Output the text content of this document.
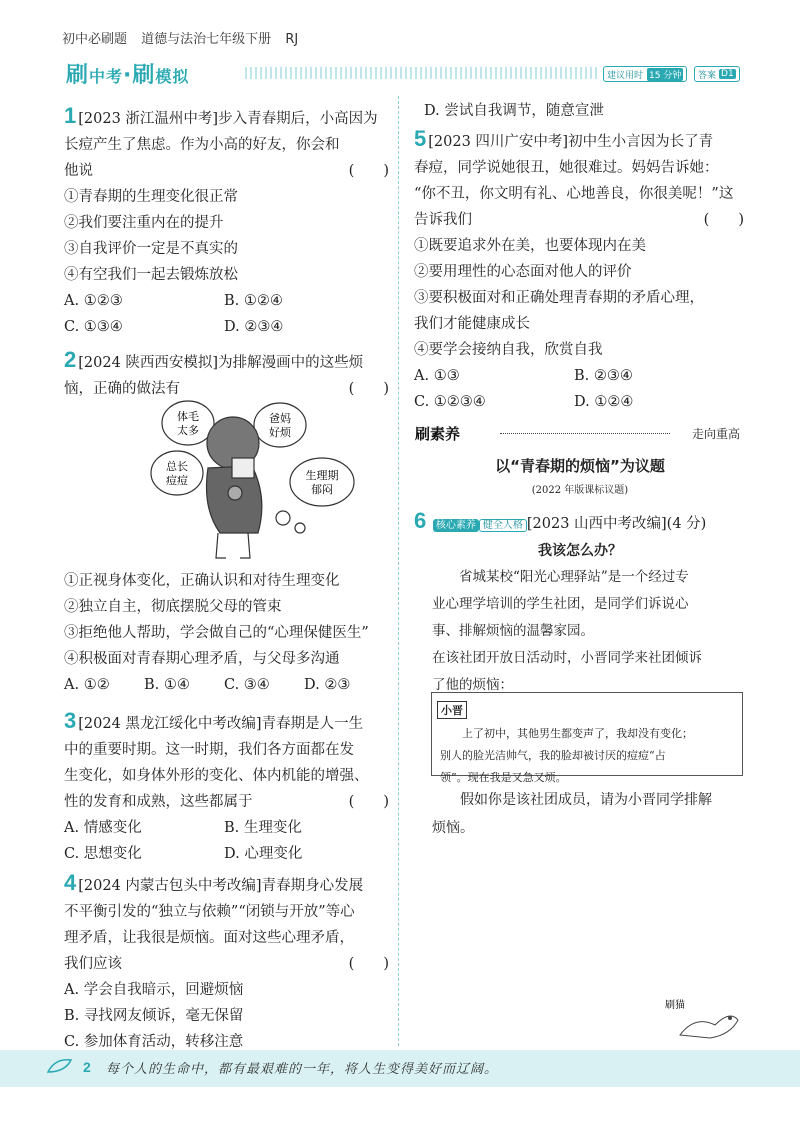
初中必刷题 道德与法治七年级下册 RJ
刷中考·刷模拟	建议用时 15 分钟 答案 D1
1 [2023 浙江温州中考]步入青春期后，小高因为
长痘产生了焦虑。作为小高的好友，你会和
他说	(　　)
①青春期的生理变化很正常
②我们要注重内在的提升
③自我评价一定是不真实的
④有空我们一起去锻炼放松
A. ①②③	B. ①②④
C. ①③④	D. ②③④
2 [2024 陕西西安模拟]为排解漫画中的这些烦
恼，正确的做法有	(　　)
体毛
太多
爸妈
好烦
总长
痘痘	生理期
郁闷
①正视身体变化，正确认识和对待生理变化
②独立自主，彻底摆脱父母的管束
③拒绝他人帮助，学会做自己的“心理保健医生”
④积极面对青春期心理矛盾，与父母多沟通
A. ①② B. ①④ C. ③④ D. ②③
3 [2024 黑龙江绥化中考改编]青春期是人一生
中的重要时期。这一时期，我们各方面都在发
生变化，如身体外形的变化、体内机能的增强、
性的发育和成熟，这些都属于	(　　)
A. 情感变化	B. 生理变化
C. 思想变化	D. 心理变化
4 [2024 内蒙古包头中考改编]青春期身心发展
不平衡引发的“独立与依赖”“闭锁与开放”等心
理矛盾，让我很是烦恼。面对这些心理矛盾，
我们应该	(　　)
A. 学会自我暗示，回避烦恼
B. 寻找网友倾诉，毫无保留
C. 参加体育活动，转移注意
D. 尝试自我调节，随意宣泄
5 [2023 四川广安中考]初中生小言因为长了青
春痘，同学说她很丑，她很难过。妈妈告诉她：
“你不丑，你文明有礼、心地善良，你很美呢！”这
告诉我们	(　　)
①既要追求外在美，也要体现内在美
②要用理性的心态面对他人的评价
③要积极面对和正确处理青春期的矛盾心理，
我们才能健康成长
④要学会接纳自我，欣赏自我
A. ①③	B. ②③④
C. ①②③④	D. ①②④
刷素养	走向重高
以“青春期的烦恼”为议题
(2022 年版课标议题)
6 核心素养 健全人格 [2023 山西中考改编](4 分)
我该怎么办？
省城某校“阳光心理驿站”是一个经过专
业心理学培训的学生社团，是同学们诉说心
事、排解烦恼的温馨家园。
在该社团开放日活动时，小晋同学来社团倾诉
了他的烦恼：
小晋
上了初中，其他男生都变声了，我却没有变化；
别人的脸光洁帅气，我的脸却被讨厌的痘痘“占
领”。现在我是又急又烦。
假如你是该社团成员，请为小晋同学排解
烦恼。
刷猫
2 每个人的生命中，都有最艰难的一年，将人生变得美好而辽阔。
